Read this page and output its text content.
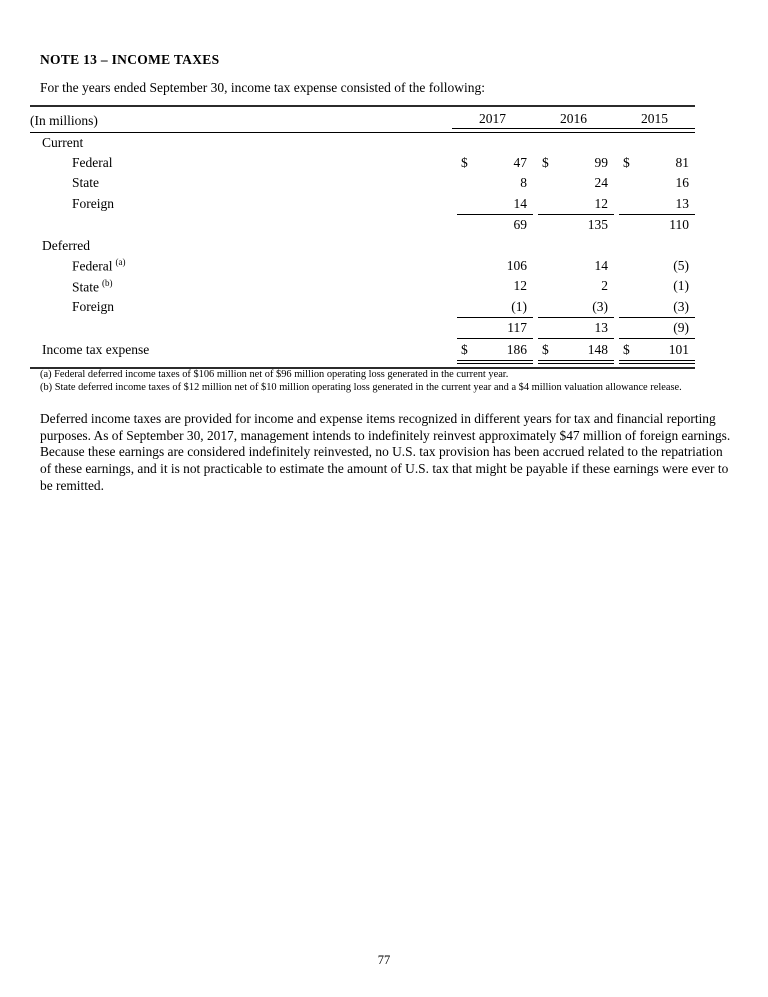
NOTE 13 – INCOME TAXES
For the years ended September 30, income tax expense consisted of the following:
(In millions)	2017	2016	2015

Current			
Federal	$ 47	$ 99	$ 81

State	8	24	16

Foreign	14	12	13

	69	135	110

Deferred			
Federal $^{(a)}$	106	14	(5)

State $^{(b)}$	12	2	(1)

Foreign	(1)	(3)	(3)

	117	13	(9)

Income tax expense	$ 186	$ 148	$ 101
(a) Federal deferred income taxes of $106 million net of $96 million operating loss generated in the current year.
(b) State deferred income taxes of $12 million net of $10 million operating loss generated in the current year and a $4 million valuation allowance release.
Deferred income taxes are provided for income and expense items recognized in different years for tax and financial reporting purposes. As of September 30, 2017, management intends to indefinitely reinvest approximately $47 million of foreign earnings. Because these earnings are considered indefinitely reinvested, no U.S. tax provision has been accrued related to the repatriation of these earnings, and it is not practicable to estimate the amount of U.S. tax that might be payable if these earnings were ever to be remitted.
77
